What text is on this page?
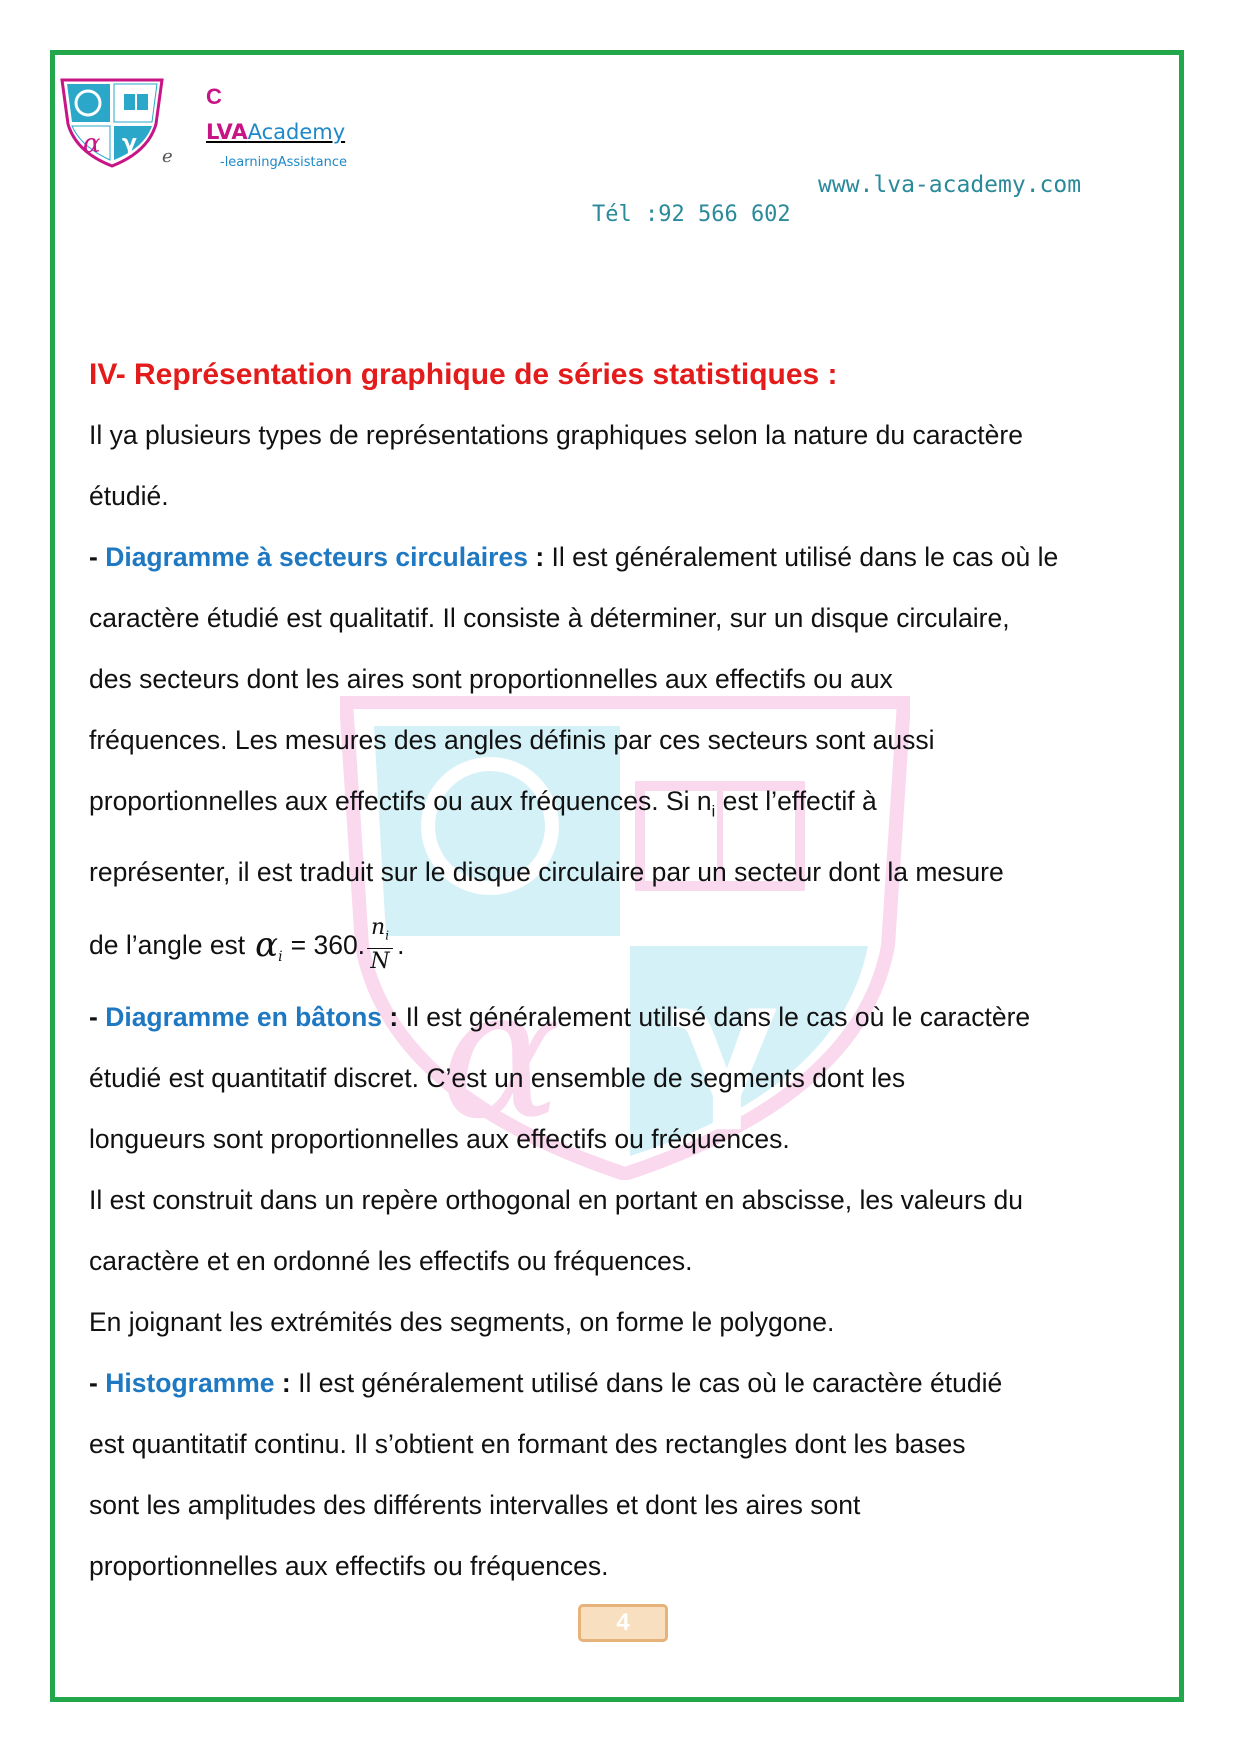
α γ
e
C
LVAAcademy
-learningAssistance
www.lva-academy.com
Tél :92 566 602
α γ

IV- Représentation graphique de séries statistiques :

Il ya plusieurs types de représentations graphiques selon la nature du caractère

étudié.

- Diagramme à secteurs circulaires : Il est généralement utilisé dans le cas où le

caractère étudié est qualitatif. Il consiste à déterminer, sur un disque circulaire,

des secteurs dont les aires sont proportionnelles aux effectifs ou aux

fréquences. Les mesures des angles définis par ces secteurs sont aussi

proportionnelles aux effectifs ou aux fréquences. Si $n_i$ est l’effectif à

représenter, il est traduit sur le disque circulaire par un secteur dont la mesure

de l’angle est α i = 360. $\frac{n_i}{N}$ .

- Diagramme en bâtons : Il est généralement utilisé dans le cas où le caractère

étudié est quantitatif discret. C’est un ensemble de segments dont les

longueurs sont proportionnelles aux effectifs ou fréquences.

Il est construit dans un repère orthogonal en portant en abscisse, les valeurs du

caractère et en ordonné les effectifs ou fréquences.

En joignant les extrémités des segments, on forme le polygone.

- Histogramme : Il est généralement utilisé dans le cas où le caractère étudié

est quantitatif continu. Il s’obtient en formant des rectangles dont les bases

sont les amplitudes des différents intervalles et dont les aires sont

proportionnelles aux effectifs ou fréquences.

4
